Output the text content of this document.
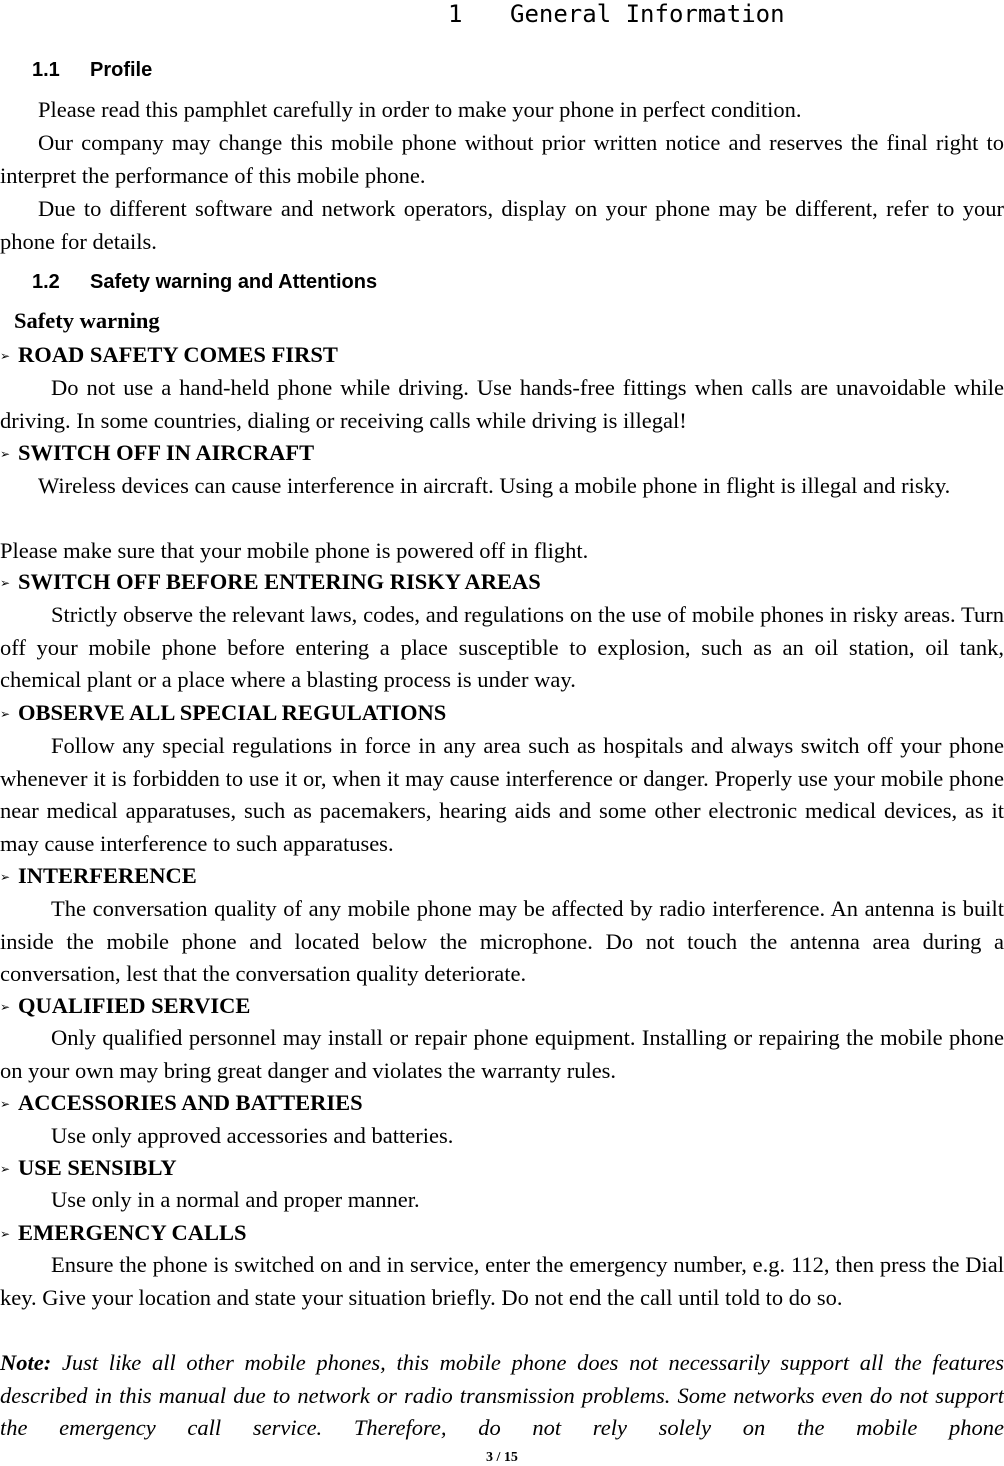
1 General Information
1.1 Profile
Please read this pamphlet carefully in order to make your phone in perfect condition.
Our company may change this mobile phone without prior written notice and reserves the final right to interpret the performance of this mobile phone.
Due to different software and network operators, display on your phone may be different, refer to your phone for details.
1.2 Safety warning and Attentions
Safety warning
➢ ROAD SAFETY COMES FIRST
Do not use a hand-held phone while driving. Use hands-free fittings when calls are unavoidable while driving. In some countries, dialing or receiving calls while driving is illegal!
➢ SWITCH OFF IN AIRCRAFT
Wireless devices can cause interference in aircraft. Using a mobile phone in flight is illegal and risky.
Please make sure that your mobile phone is powered off in flight.
➢ SWITCH OFF BEFORE ENTERING RISKY AREAS
Strictly observe the relevant laws, codes, and regulations on the use of mobile phones in risky areas. Turn off your mobile phone before entering a place susceptible to explosion, such as an oil station, oil tank, chemical plant or a place where a blasting process is under way.
➢ OBSERVE ALL SPECIAL REGULATIONS
Follow any special regulations in force in any area such as hospitals and always switch off your phone whenever it is forbidden to use it or, when it may cause interference or danger. Properly use your mobile phone near medical apparatuses, such as pacemakers, hearing aids and some other electronic medical devices, as it may cause interference to such apparatuses.
➢ INTERFERENCE
The conversation quality of any mobile phone may be affected by radio interference. An antenna is built inside the mobile phone and located below the microphone. Do not touch the antenna area during a conversation, lest that the conversation quality deteriorate.
➢ QUALIFIED SERVICE
Only qualified personnel may install or repair phone equipment. Installing or repairing the mobile phone on your own may bring great danger and violates the warranty rules.
➢ ACCESSORIES AND BATTERIES
Use only approved accessories and batteries.
➢ USE SENSIBLY
Use only in a normal and proper manner.
➢ EMERGENCY CALLS
Ensure the phone is switched on and in service, enter the emergency number, e.g. 112, then press the Dial key. Give your location and state your situation briefly. Do not end the call until told to do so.
Note: Just like all other mobile phones, this mobile phone does not necessarily support all the features described in this manual due to network or radio transmission problems. Some networks even do not support the emergency call service. Therefore, do not rely solely on the mobile phone
3 / 15
